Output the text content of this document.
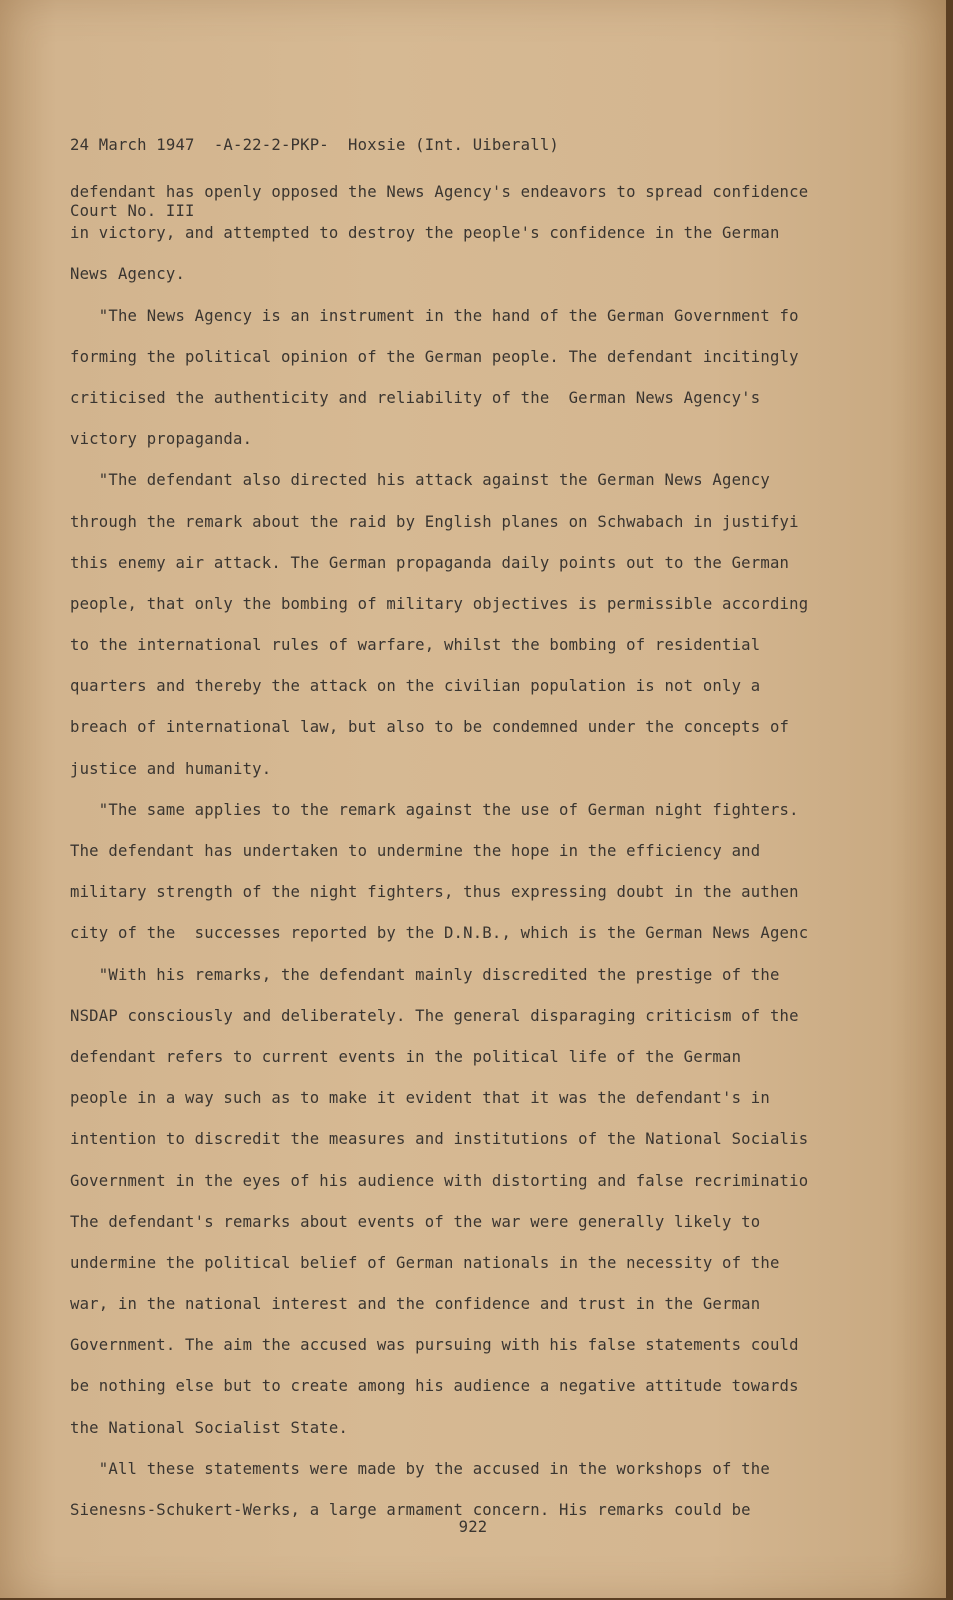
24 March 1947  -A-22-2-PKP-  Hoxsie (Int. Uiberall)

Court No. III

defendant has openly opposed the News Agency's endeavors to spread confidence
in victory, and attempted to destroy the people's confidence in the German
News Agency.
"The News Agency is an instrument in the hand of the German Government fo
forming the political opinion of the German people. The defendant incitingly
criticised the authenticity and reliability of the  German News Agency's
victory propaganda.
"The defendant also directed his attack against the German News Agency
through the remark about the raid by English planes on Schwabach in justifyi
this enemy air attack. The German propaganda daily points out to the German
people, that only the bombing of military objectives is permissible according
to the international rules of warfare, whilst the bombing of residential
quarters and thereby the attack on the civilian population is not only a
breach of international law, but also to be condemned under the concepts of
justice and humanity.
"The same applies to the remark against the use of German night fighters.
The defendant has undertaken to undermine the hope in the efficiency and
military strength of the night fighters, thus expressing doubt in the authen
city of the  successes reported by the D.N.B., which is the German News Agenc
"With his remarks, the defendant mainly discredited the prestige of the
NSDAP consciously and deliberately. The general disparaging criticism of the
defendant refers to current events in the political life of the German
people in a way such as to make it evident that it was the defendant's in
intention to discredit the measures and institutions of the National Socialis
Government in the eyes of his audience with distorting and false recriminatio
The defendant's remarks about events of the war were generally likely to
undermine the political belief of German nationals in the necessity of the
war, in the national interest and the confidence and trust in the German
Government. The aim the accused was pursuing with his false statements could
be nothing else but to create among his audience a negative attitude towards
the National Socialist State.
"All these statements were made by the accused in the workshops of the
Sienesns-Schukert-Werks, a large armament concern. His remarks could be
922
